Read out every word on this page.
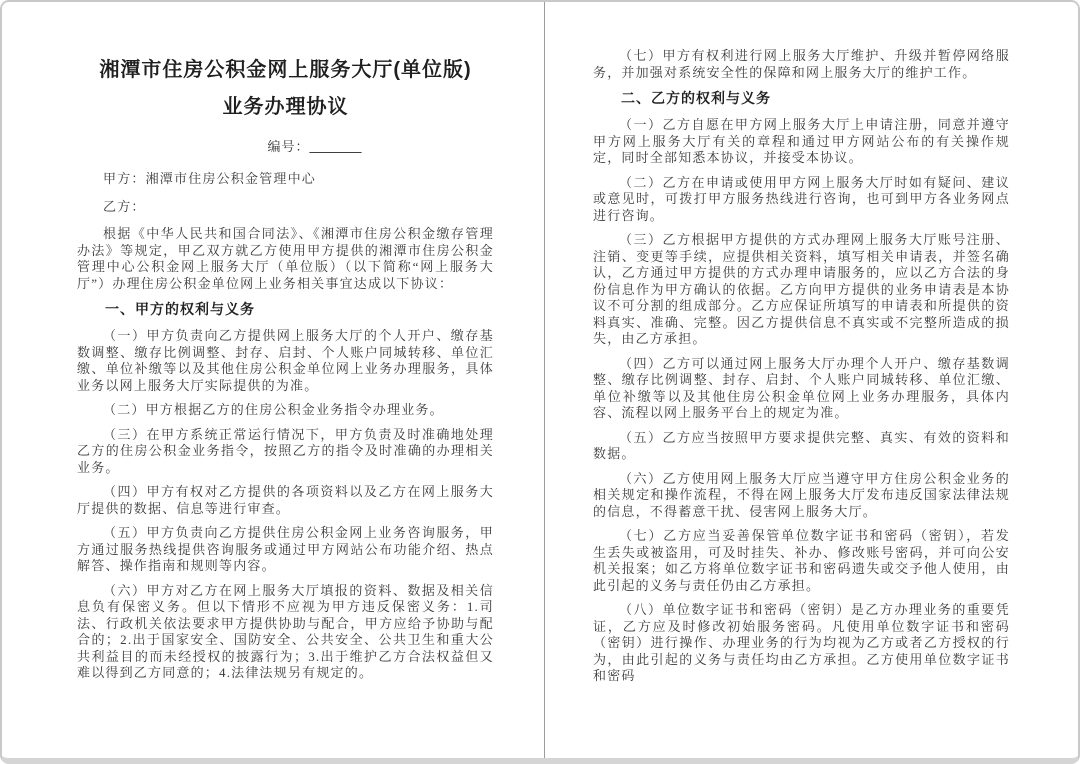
湘潭市住房公积金网上服务大厅(单位版)
业务办理协议
编号：________

甲方：湘潭市住房公积金管理中心

乙方：

根据《中华人民共和国合同法》、《湘潭市住房公积金缴存管理办法》等规定，甲乙双方就乙方使用甲方提供的湘潭市住房公积金管理中心公积金网上服务大厅（单位版）（以下简称“网上服务大厅”）办理住房公积金单位网上业务相关事宜达成以下协议：

一、甲方的权利与义务

（一）甲方负责向乙方提供网上服务大厅的个人开户、缴存基数调整、缴存比例调整、封存、启封、个人账户同城转移、单位汇缴、单位补缴等以及其他住房公积金单位网上业务办理服务，具体业务以网上服务大厅实际提供的为准。

（二）甲方根据乙方的住房公积金业务指令办理业务。

（三）在甲方系统正常运行情况下，甲方负责及时准确地处理乙方的住房公积金业务指令，按照乙方的指令及时准确的办理相关业务。

（四）甲方有权对乙方提供的各项资料以及乙方在网上服务大厅提供的数据、信息等进行审查。

（五）甲方负责向乙方提供住房公积金网上业务咨询服务，甲方通过服务热线提供咨询服务或通过甲方网站公布功能介绍、热点解答、操作指南和规则等内容。

（六）甲方对乙方在网上服务大厅填报的资料、数据及相关信息负有保密义务。但以下情形不应视为甲方违反保密义务：1.司法、行政机关依法要求甲方提供协助与配合，甲方应给予协助与配合的；2.出于国家安全、国防安全、公共安全、公共卫生和重大公共利益目的而未经授权的披露行为；3.出于维护乙方合法权益但又难以得到乙方同意的；4.法律法规另有规定的。

（七）甲方有权利进行网上服务大厅维护、升级并暂停网络服务，并加强对系统安全性的保障和网上服务大厅的维护工作。

二、乙方的权利与义务

（一）乙方自愿在甲方网上服务大厅上申请注册，同意并遵守甲方网上服务大厅有关的章程和通过甲方网站公布的有关操作规定，同时全部知悉本协议，并接受本协议。

（二）乙方在申请或使用甲方网上服务大厅时如有疑问、建议或意见时，可拨打甲方服务热线进行咨询，也可到甲方各业务网点进行咨询。

（三）乙方根据甲方提供的方式办理网上服务大厅账号注册、注销、变更等手续，应提供相关资料，填写相关申请表，并签名确认，乙方通过甲方提供的方式办理申请服务的，应以乙方合法的身份信息作为甲方确认的依据。乙方向甲方提供的业务申请表是本协议不可分割的组成部分。乙方应保证所填写的申请表和所提供的资料真实、准确、完整。因乙方提供信息不真实或不完整所造成的损失，由乙方承担。

（四）乙方可以通过网上服务大厅办理个人开户、缴存基数调整、缴存比例调整、封存、启封、个人账户同城转移、单位汇缴、单位补缴等以及其他住房公积金单位网上业务办理服务，具体内容、流程以网上服务平台上的规定为准。

（五）乙方应当按照甲方要求提供完整、真实、有效的资料和数据。

（六）乙方使用网上服务大厅应当遵守甲方住房公积金业务的相关规定和操作流程，不得在网上服务大厅发布违反国家法律法规的信息，不得蓄意干扰、侵害网上服务大厅。

（七）乙方应当妥善保管单位数字证书和密码（密钥），若发生丢失或被盗用，可及时挂失、补办、修改账号密码，并可向公安机关报案；如乙方将单位数字证书和密码遗失或交予他人使用，由此引起的义务与责任仍由乙方承担。

（八）单位数字证书和密码（密钥）是乙方办理业务的重要凭证，乙方应及时修改初始服务密码。凡使用单位数字证书和密码（密钥）进行操作、办理业务的行为均视为乙方或者乙方授权的行为，由此引起的义务与责任均由乙方承担。乙方使用单位数字证书和密码
